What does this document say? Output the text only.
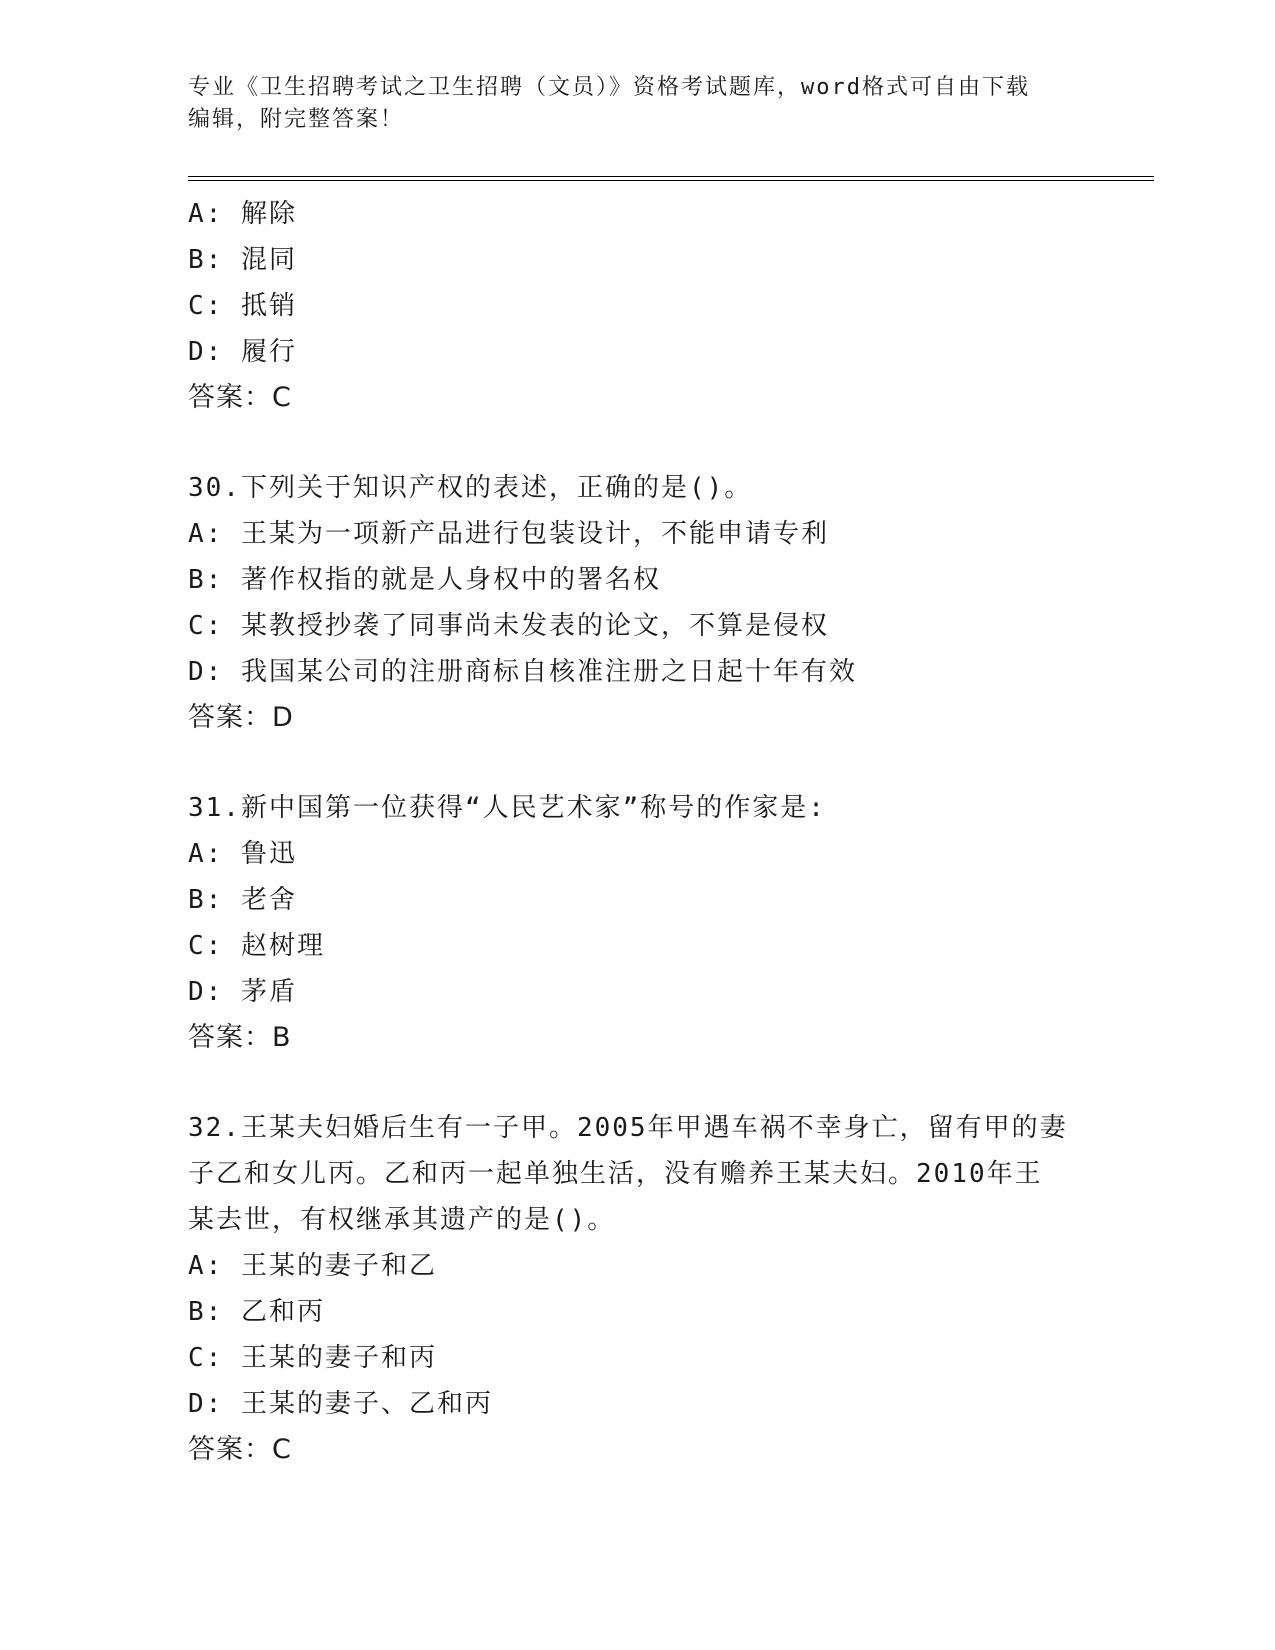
专业《卫生招聘考试之卫生招聘（文员）》资格考试题库，word格式可自由下载
编辑，附完整答案！
A: 解除
B: 混同
C: 抵销
D: 履行
答案：C
30.下列关于知识产权的表述，正确的是()。
A: 王某为一项新产品进行包装设计，不能申请专利
B: 著作权指的就是人身权中的署名权
C: 某教授抄袭了同事尚未发表的论文，不算是侵权
D: 我国某公司的注册商标自核准注册之日起十年有效
答案：D
31.新中国第一位获得“人民艺术家”称号的作家是:
A: 鲁迅
B: 老舍
C: 赵树理
D: 茅盾
答案：B
32.王某夫妇婚后生有一子甲。2005年甲遇车祸不幸身亡，留有甲的妻
子乙和女儿丙。乙和丙一起单独生活，没有赡养王某夫妇。2010年王
某去世，有权继承其遗产的是()。
A: 王某的妻子和乙
B: 乙和丙
C: 王某的妻子和丙
D: 王某的妻子、乙和丙
答案：C
